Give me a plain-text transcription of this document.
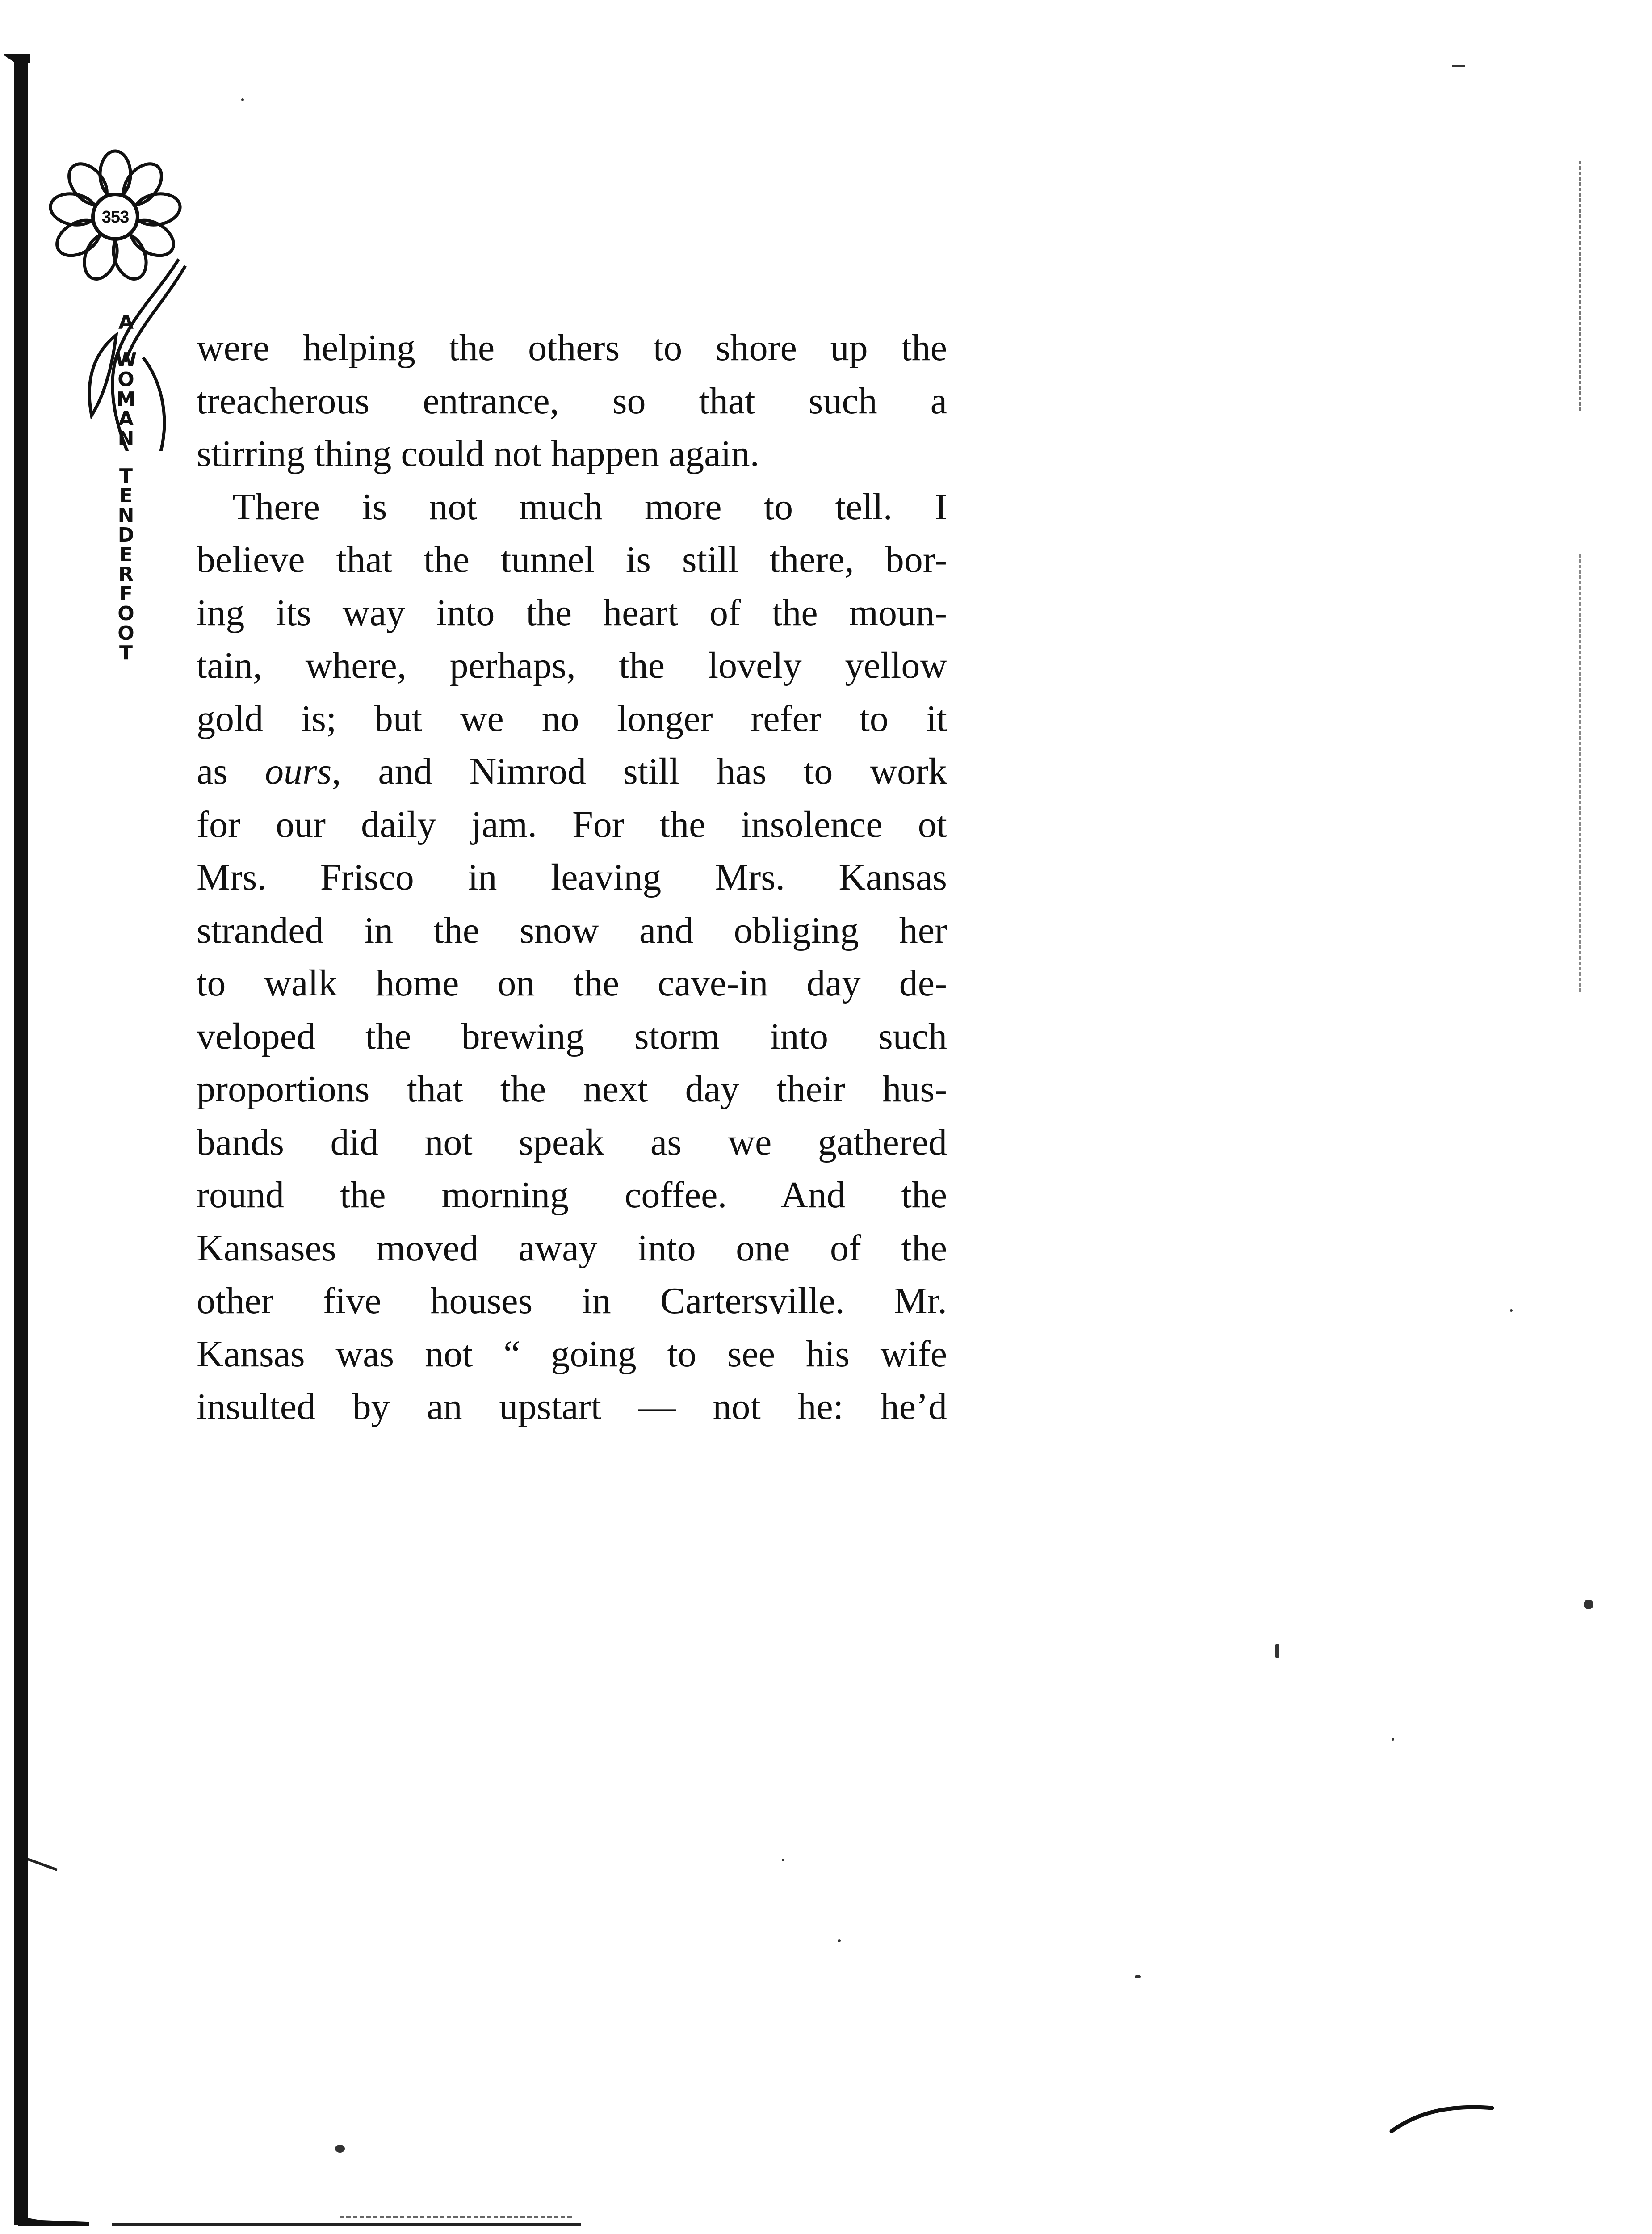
353
A
W
O
M
A
N
T
E
N
D
E
R
F
O
O
T
were helping the others to shore up the
treacherous entrance, so that such a
stirring thing could not happen again.
There is not much more to tell. I
believe that the tunnel is still there, bor-
ing its way into the heart of the moun-
tain, where, perhaps, the lovely yellow
gold is; but we no longer refer to it
as ours, and Nimrod still has to work
for our daily jam. For the insolence ot
Mrs. Frisco in leaving Mrs. Kansas
stranded in the snow and obliging her
to walk home on the cave-in day de-
veloped the brewing storm into such
proportions that the next day their hus-
bands did not speak as we gathered
round the morning coffee. And the
Kansases moved away into one of the
other five houses in Cartersville. Mr.
Kansas was not “ going to see his wife
insulted by an upstart — not he: he’d
